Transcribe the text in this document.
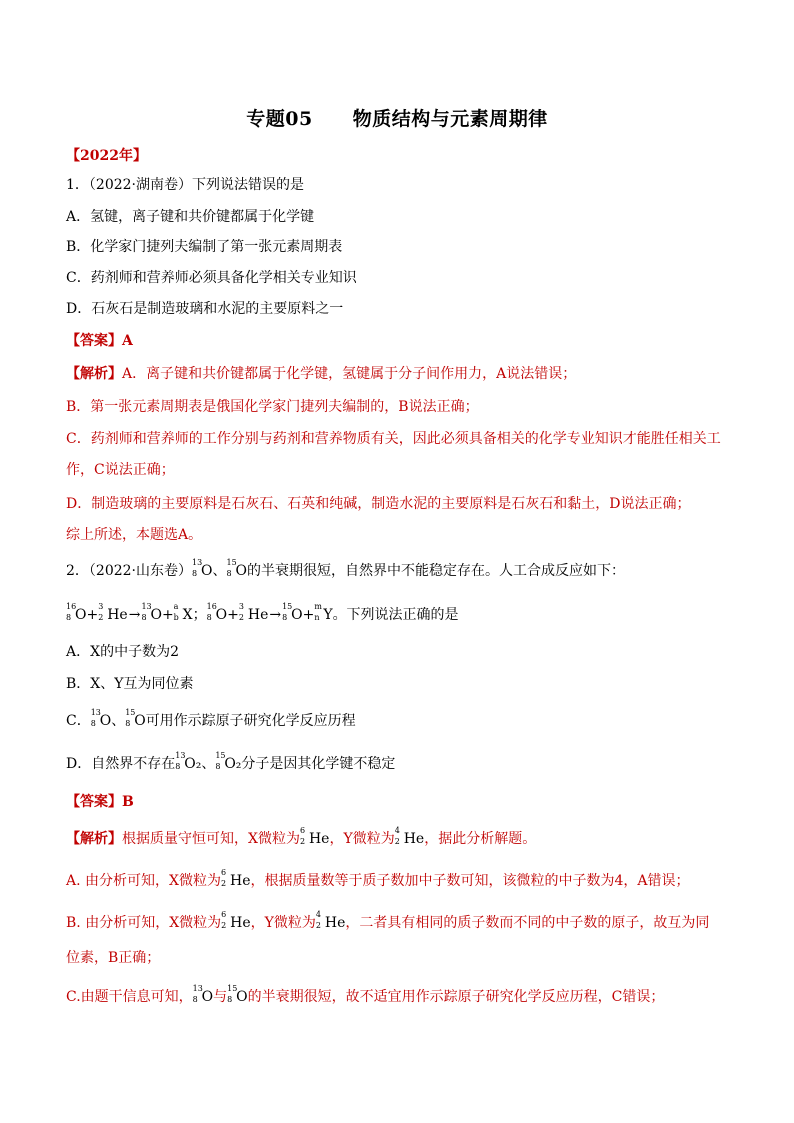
专题05 物质结构与元素周期律
【2022年】
1．（2022·湖南卷）下列说法错误的是
A．氢键，离子键和共价键都属于化学键
B．化学家门捷列夫编制了第一张元素周期表
C．药剂师和营养师必须具备化学相关专业知识
D．石灰石是制造玻璃和水泥的主要原料之一
【答案】A
【解析】A．离子键和共价键都属于化学键，氢键属于分子间作用力，A说法错误；
B．第一张元素周期表是俄国化学家门捷列夫编制的，B说法正确；
C．药剂师和营养师的工作分别与药剂和营养物质有关，因此必须具备相关的化学专业知识才能胜任相关工
作，C说法正确；
D．制造玻璃的主要原料是石灰石、石英和纯碱，制造水泥的主要原料是石灰石和黏土，D说法正确；
综上所述，本题选A。
2．（2022·山东卷）
13
8 O、
15
8 O的半衰期很短，自然界中不能稳定存在。人工合成反应如下：
16
8 O+
3
2 He→
13
8 O+
a
b X；
16
8 O+
3
2 He→
15
8 O+
m
n Y。下列说法正确的是
A．X的中子数为2
B．X、Y互为同位素
C．
13
8 O、
15
8 O可用作示踪原子研究化学反应历程
D．自然界不存在
13
8 O₂、
15
8 O₂分子是因其化学键不稳定
【答案】B
【解析】根据质量守恒可知，X微粒为
6
2 He，Y微粒为
4
2 He，据此分析解题。
A. 由分析可知，X微粒为
6
2 He，根据质量数等于质子数加中子数可知，该微粒的中子数为4，A错误；
B. 由分析可知，X微粒为
6
2 He，Y微粒为
4
2 He，二者具有相同的质子数而不同的中子数的原子，故互为同
位素，B正确；
C.由题干信息可知，
13
8 O与
15
8 O的半衰期很短，故不适宜用作示踪原子研究化学反应历程，C错误；
